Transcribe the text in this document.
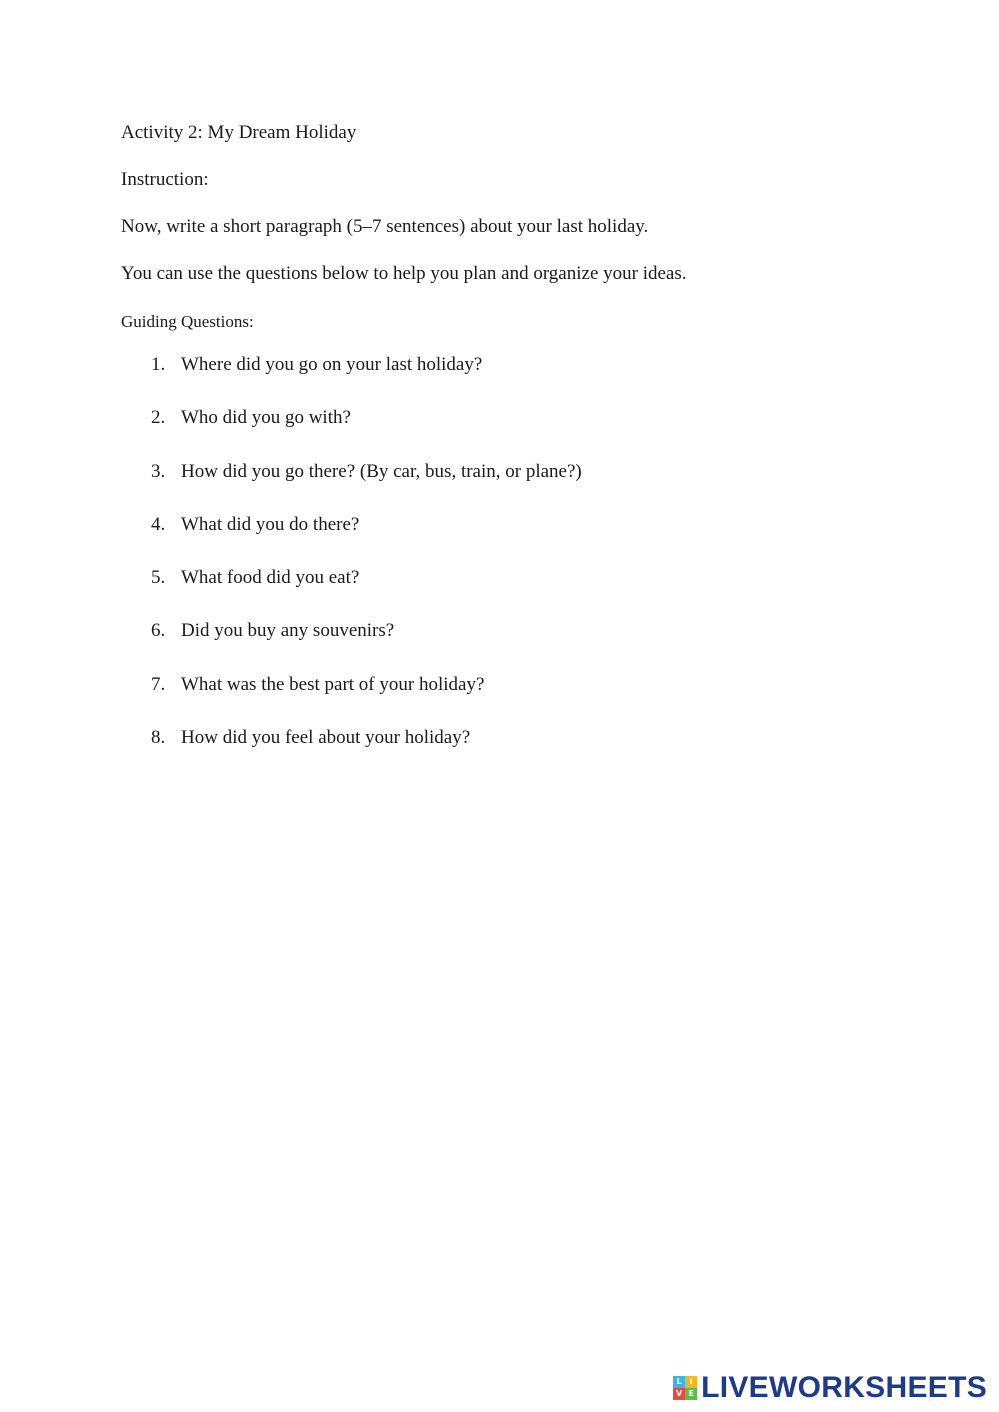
Activity 2: My Dream Holiday
Instruction:
Now, write a short paragraph (5–7 sentences) about your last holiday.
You can use the questions below to help you plan and organize your ideas.
Guiding Questions:
1. Where did you go on your last holiday?
2. Who did you go with?
3. How did you go there? (By car, bus, train, or plane?)
4. What did you do there?
5. What food did you eat?
6. Did you buy any souvenirs?
7. What was the best part of your holiday?
8. How did you feel about your holiday?
L I
V E LIVEWORKSHEETS
